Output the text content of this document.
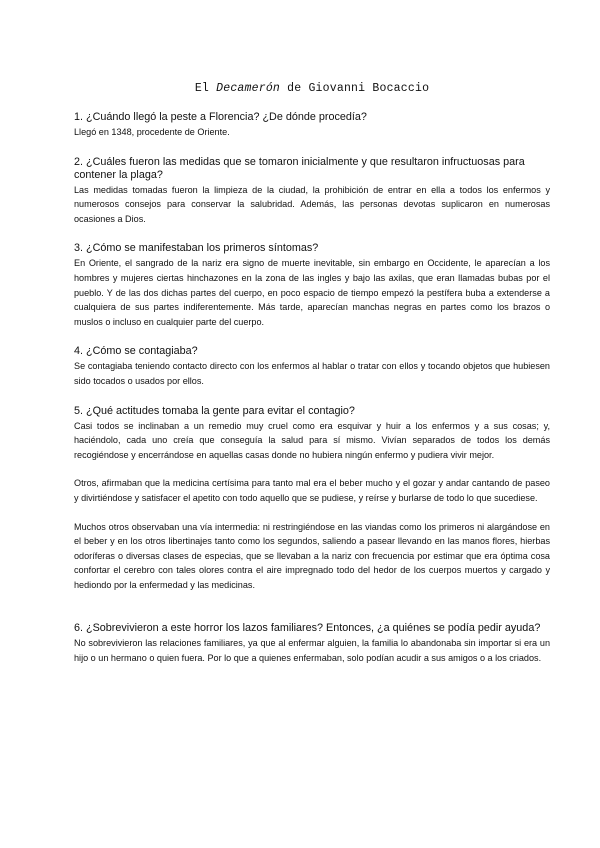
El Decamerón de Giovanni Bocaccio

1. ¿Cuándo llegó la peste a Florencia? ¿De dónde procedía?

Llegó en 1348, procedente de Oriente.

2. ¿Cuáles fueron las medidas que se tomaron inicialmente y que resultaron infructuosas para contener la plaga?

Las medidas tomadas fueron la limpieza de la ciudad, la prohibición de entrar en ella a todos los enfermos y numerosos consejos para conservar la salubridad. Además, las personas devotas suplicaron en numerosas ocasiones a Dios.

3. ¿Cómo se manifestaban los primeros síntomas?

En Oriente, el sangrado de la nariz era signo de muerte inevitable, sin embargo en Occidente, le aparecían a los hombres y mujeres ciertas hinchazones en la zona de las ingles y bajo las axilas, que eran llamadas bubas por el pueblo. Y de las dos dichas partes del cuerpo, en poco espacio de tiempo empezó la pestífera buba a extenderse a cualquiera de sus partes indiferentemente. Más tarde, aparecían manchas negras en partes como los brazos o muslos o incluso en cualquier parte del cuerpo.

4. ¿Cómo se contagiaba?

Se contagiaba teniendo contacto directo con los enfermos al hablar o tratar con ellos y tocando objetos que hubiesen sido tocados o usados por ellos.

5. ¿Qué actitudes tomaba la gente para evitar el contagio?

Casi todos se inclinaban a un remedio muy cruel como era esquivar y huir a los enfermos y a sus cosas; y, haciéndolo, cada uno creía que conseguía la salud para sí mismo. Vivían separados de todos los demás recogiéndose y encerrándose en aquellas casas donde no hubiera ningún enfermo y pudiera vivir mejor.

Otros, afirmaban que la medicina certísima para tanto mal era el beber mucho y el gozar y andar cantando de paseo y divirtiéndose y satisfacer el apetito con todo aquello que se pudiese, y reírse y burlarse de todo lo que sucediese.

Muchos otros observaban una vía intermedia: ni restringiéndose en las viandas como los primeros ni alargándose en el beber y en los otros libertinajes tanto como los segundos, saliendo a pasear llevando en las manos flores, hierbas odoríferas o diversas clases de especias, que se llevaban a la nariz con frecuencia por estimar que era óptima cosa confortar el cerebro con tales olores contra el aire impregnado todo del hedor de los cuerpos muertos y cargado y hediondo por la enfermedad y las medicinas.

6. ¿Sobrevivieron a este horror los lazos familiares? Entonces, ¿a quiénes se podía pedir ayuda?

No sobrevivieron las relaciones familiares, ya que al enfermar alguien, la familia lo abandonaba sin importar si era un hijo o un hermano o quien fuera. Por lo que a quienes enfermaban, solo podían acudir a sus amigos o a los criados.
